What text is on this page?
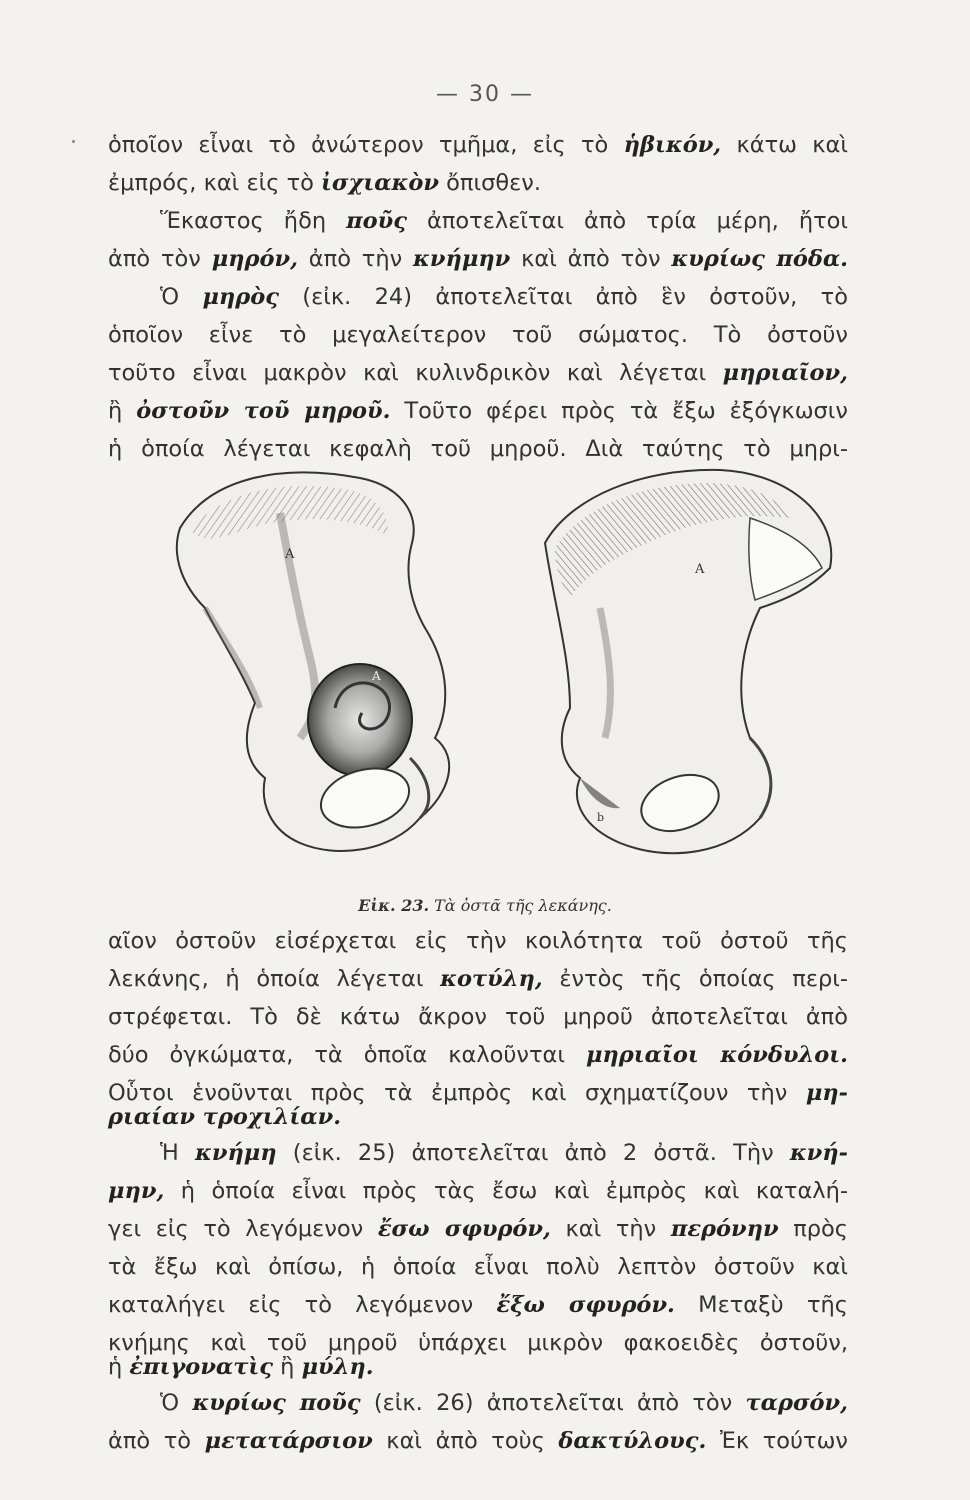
— 30 —
ὁποῖον εἶναι τὸ ἀνώτερον τμῆμα, εἰς τὸ ἡβικόν, κάτω καὶ
ἐμπρός, καὶ εἰς τὸ ἰσχιακὸν ὄπισθεν.
Ἕκαστος ἤδη ποῦς ἀποτελεῖται ἀπὸ τρία μέρη, ἤτοι
ἀπὸ τὸν μηρόν, ἀπὸ τὴν κνήμην καὶ ἀπὸ τὸν κυρίως πόδα.
Ὁ μηρὸς (εἰκ. 24) ἀποτελεῖται ἀπὸ ἓν ὀστοῦν, τὸ
ὁποῖον εἶνε τὸ μεγαλείτερον τοῦ σώματος. Τὸ ὀστοῦν
τοῦτο εἶναι μακρὸν καὶ κυλινδρικὸν καὶ λέγεται μηριαῖον,
ἢ ὀστοῦν τοῦ μηροῦ. Τοῦτο φέρει πρὸς τὰ ἔξω ἐξόγκωσιν
ἡ ὁποία λέγεται κεφαλὴ τοῦ μηροῦ. Διὰ ταύτης τὸ μηρι-
A
A
A
b
Εἰκ. 23. Τὰ ὀστᾶ τῆς λεκάνης.
αῖον ὀστοῦν εἰσέρχεται εἰς τὴν κοιλότητα τοῦ ὀστοῦ τῆς
λεκάνης, ἡ ὁποία λέγεται κοτύλη, ἐντὸς τῆς ὁποίας περι-
στρέφεται. Τὸ δὲ κάτω ἄκρον τοῦ μηροῦ ἀποτελεῖται ἀπὸ
δύο ὀγκώματα, τὰ ὁποῖα καλοῦνται μηριαῖοι κόνδυλοι.
Οὗτοι ἑνοῦνται πρὸς τὰ ἐμπρὸς καὶ σχηματίζουν τὴν μη-
ριαίαν τροχιλίαν.
Ἡ κνήμη (εἰκ. 25) ἀποτελεῖται ἀπὸ 2 ὀστᾶ. Τὴν κνή-
μην, ἡ ὁποία εἶναι πρὸς τὰς ἔσω καὶ ἐμπρὸς καὶ καταλή-
γει εἰς τὸ λεγόμενον ἔσω σφυρόν, καὶ τὴν περόνην πρὸς
τὰ ἔξω καὶ ὀπίσω, ἡ ὁποία εἶναι πολὺ λεπτὸν ὀστοῦν καὶ
καταλήγει εἰς τὸ λεγόμενον ἔξω σφυρόν. Μεταξὺ τῆς
κνήμης καὶ τοῦ μηροῦ ὑπάρχει μικρὸν φακοειδὲς ὀστοῦν,
ἡ ἐπιγονατὶς ἢ μύλη.
Ὁ κυρίως ποῦς (εἰκ. 26) ἀποτελεῖται ἀπὸ τὸν ταρσόν,
ἀπὸ τὸ μετατάρσιον καὶ ἀπὸ τοὺς δακτύλους. Ἐκ τούτων
